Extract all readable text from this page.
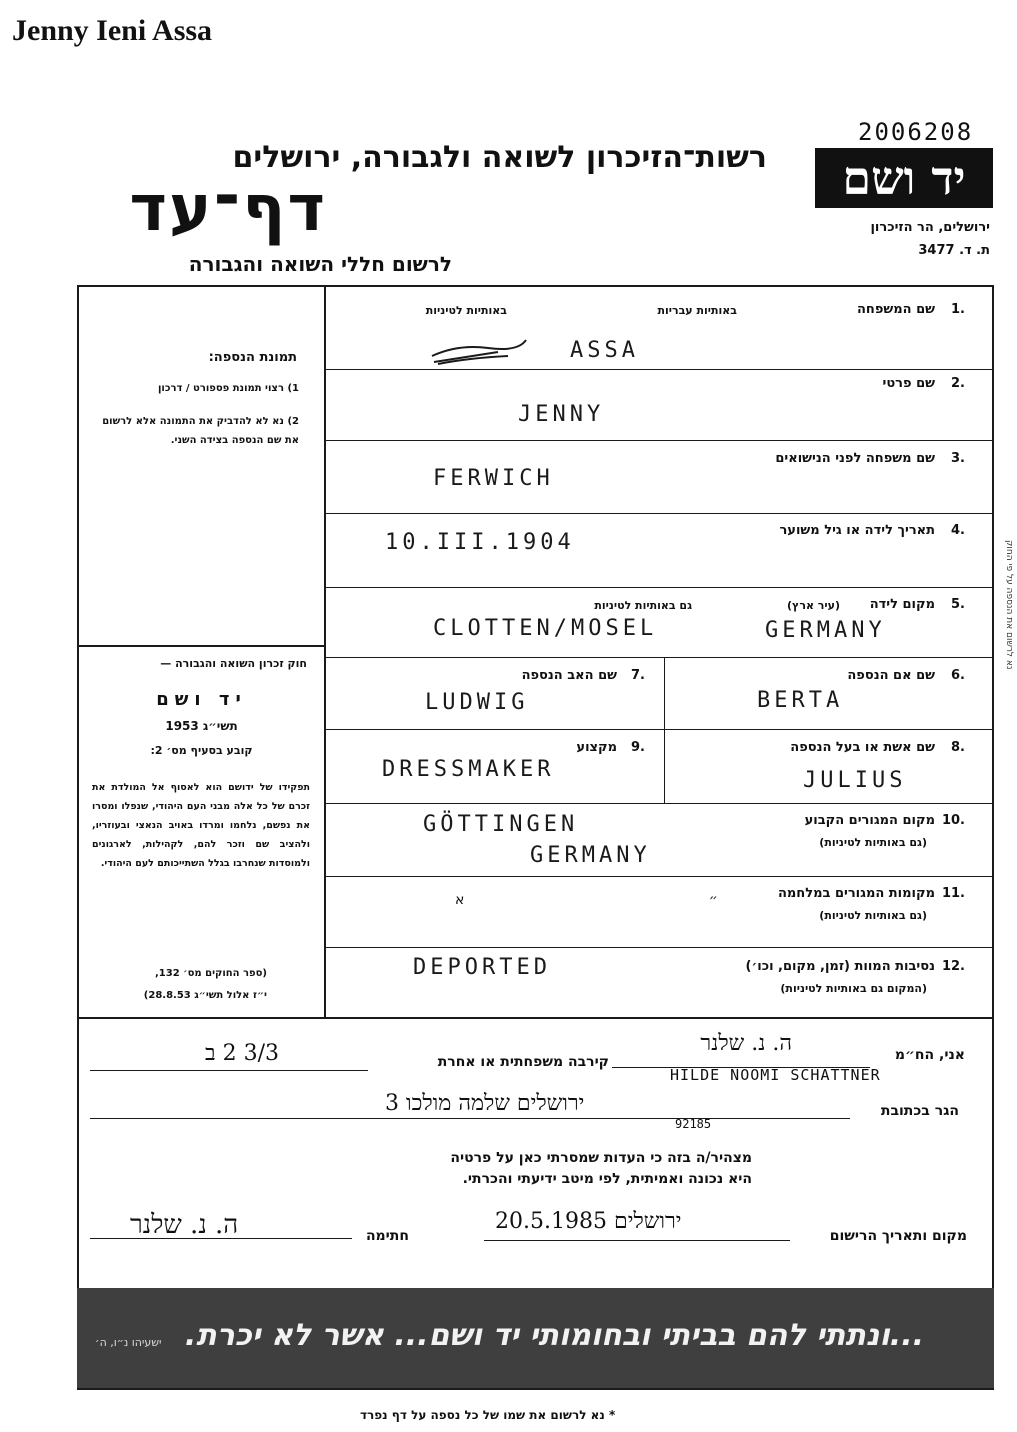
Jenny Ieni Assa
2006208
רשות־הזיכרון לשואה ולגבורה, ירושלים
דף־עד
לרשום חללי השואה והגבורה
יד ושם
ירושלים, הר הזיכרון
ת. ד. 3477
תמונת הנספה:
1) רצוי תמונת פספורט / דרכון
2) נא לא להדביק את התמונה אלא לרשום את שם הנספה בצידה השני.
חוק זכרון השואה והגבורה —
יד ושם
תשי״ג 1953
קובע בסעיף מס׳ 2:
תפקידו של ידושם הוא לאסוף אל המולדת את זכרם של כל אלה מבני העם היהודי, שנפלו ומסרו את נפשם, נלחמו ומרדו באויב הנאצי ובעוזריו, ולהציב שם וזכר להם, לקהילות, לארגונים ולמוסדות שנחרבו בגלל השתייכותם לעם היהודי.
(ספר החוקים מס׳ 132,
י״ז אלול תשי״ג 28.8.53)
.1
שם המשפחה
באותיות עבריות
באותיות לטיניות
ASSA
.2
שם פרטי
JENNY
.3
שם משפחה לפני הנישואים
FERWICH
.4
תאריך לידה או גיל משוער
10.III.1904
.5
מקום לידה
(עיר ארץ)
גם באותיות לטיניות
CLOTTEN/MOSEL	GERMANY
.6
שם אם הנספה
BERTA
.7
שם האב הנספה
LUDWIG
.8
שם אשת או בעל הנספה
JULIUS
.9
מקצוע
DRESSMAKER
.10
מקום המגורים הקבוע
(גם באותיות לטיניות)
GÖTTINGEN
GERMANY
.11
מקומות המגורים במלחמה
(גם באותיות לטיניות)
״ א
.12
נסיבות המוות (זמן, מקום, וכו׳)
(המקום גם באותיות לטיניות)
DEPORTED
אני, הח״מ
ה. נ. שלנר
HILDE NOOMI SCHATTNER
קירבה משפחתית או אחרת
3/3 2 ב
הגר בכתובת
ירושלים שלמה מולכו 3
92185
מצהיר/ה בזה כי העדות שמסרתי כאן על פרטיה
היא נכונה ואמיתית, לפי מיטב ידיעתי והכרתי.
חתימה
ה. נ. שלנר	מקום ותאריך הרישום
ירושלים 20.5.1985
...ונתתי להם בביתי ובחומותי יד ושם... אשר לא יכרת.
ישעיהו נ״ו, ה׳
* נא לרשום את שמו של כל נספה על דף נפרד
נא לרשום את הנספה על פי החוק
